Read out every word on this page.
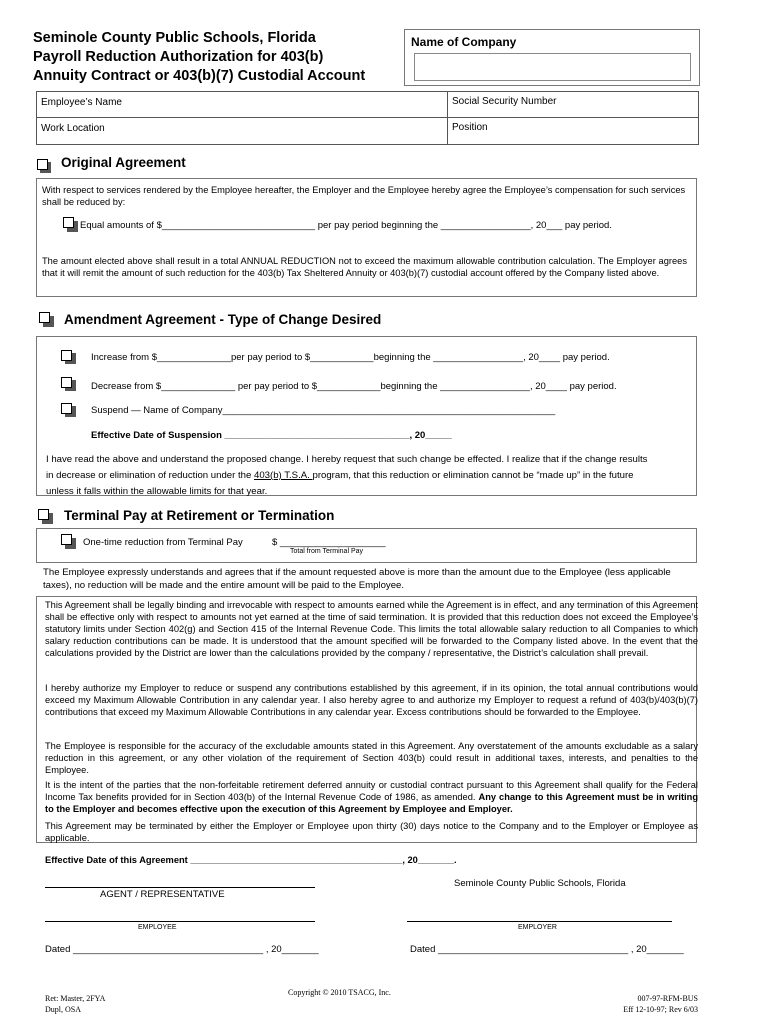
Seminole County Public Schools, Florida
Payroll Reduction Authorization for 403(b)
Annuity Contract or 403(b)(7) Custodial Account
Name of Company
Employee’s Name	Social Security Number
Work Location	Position
Original Agreement
With respect to services rendered by the Employee hereafter, the Employer and the Employee hereby agree the Employee’s compensation for such services shall be reduced by:
Equal amounts of $_____________________________ per pay period beginning the _________________, 20___ pay period.
The amount elected above shall result in a total ANNUAL REDUCTION not to exceed the maximum allowable contribution calculation. The Employer agrees that it will remit the amount of such reduction for the 403(b) Tax Sheltered Annuity or 403(b)(7) custodial account offered by the Company listed above.
Amendment Agreement - Type of Change Desired
Increase from $______________per pay period to $____________beginning the _________________, 20____ pay period.
Decrease from $______________ per pay period to $____________beginning the _________________, 20____ pay period.
Suspend — Name of Company_______________________________________________________________
Effective Date of Suspension ___________________________________, 20_____
I have read the above and understand the proposed change. I hereby request that such change be effected. I realize that if the change results
in decrease or elimination of reduction under the 403(b) T.S.A. program, that this reduction or elimination cannot be “made up” in the future
unless it falls within the allowable limits for that year.
Terminal Pay at Retirement or Termination
One-time reduction from Terminal Pay	$ ____________________
Total from Terminal Pay
The Employee expressly understands and agrees that if the amount requested above is more than the amount due to the Employee (less applicable taxes), no reduction will be made and the entire amount will be paid to the Employee.
This Agreement shall be legally binding and irrevocable with respect to amounts earned while the Agreement is in effect, and any termination of this Agreement shall be effective only with respect to amounts not yet earned at the time of said termination. It is provided that this reduction does not exceed the Employee’s statutory limits under Section 402(g) and Section 415 of the Internal Revenue Code. This limits the total allowable salary reduction to all Companies to which salary reduction contributions can be made. It is understood that the amount specified will be forwarded to the Company listed above. In the event that the calculations provided by the District are lower than the calculations provided by the company / representative, the District’s calculation shall prevail.
I hereby authorize my Employer to reduce or suspend any contributions established by this agreement, if in its opinion, the total annual contributions would exceed my Maximum Allowable Contribution in any calendar year. I also hereby agree to and authorize my Employer to request a refund of 403(b)/403(b)(7) contributions that exceed my Maximum Allowable Contributions in any calendar year. Excess contributions should be forwarded to the Employee.
The Employee is responsible for the accuracy of the excludable amounts stated in this Agreement. Any overstatement of the amounts excludable as a salary reduction in this agreement, or any other violation of the requirement of Section 403(b) could result in additional taxes, interests, and penalties to the Employee.
It is the intent of the parties that the non-forfeitable retirement deferred annuity or custodial contract pursuant to this Agreement shall qualify for the Federal Income Tax benefits provided for in Section 403(b) of the Internal Revenue Code of 1986, as amended. Any change to this Agreement must be in writing to the Employer and becomes effective upon the execution of this Agreement by Employee and Employer.
This Agreement may be terminated by either the Employer or Employee upon thirty (30) days notice to the Company and to the Employer or Employee as applicable.
Effective Date of this Agreement _________________________________________, 20_______.
AGENT / REPRESENTATIVE
Seminole County Public Schools, Florida
EMPLOYEE	EMPLOYER
Dated ____________________________________ , 20_______	Dated ____________________________________ , 20_______
Ret: Master, 2FYA
Dupl, OSA
Copyright © 2010 TSACG, Inc.
007-97-RFM-BUS
Eff 12-10-97; Rev 6/03
